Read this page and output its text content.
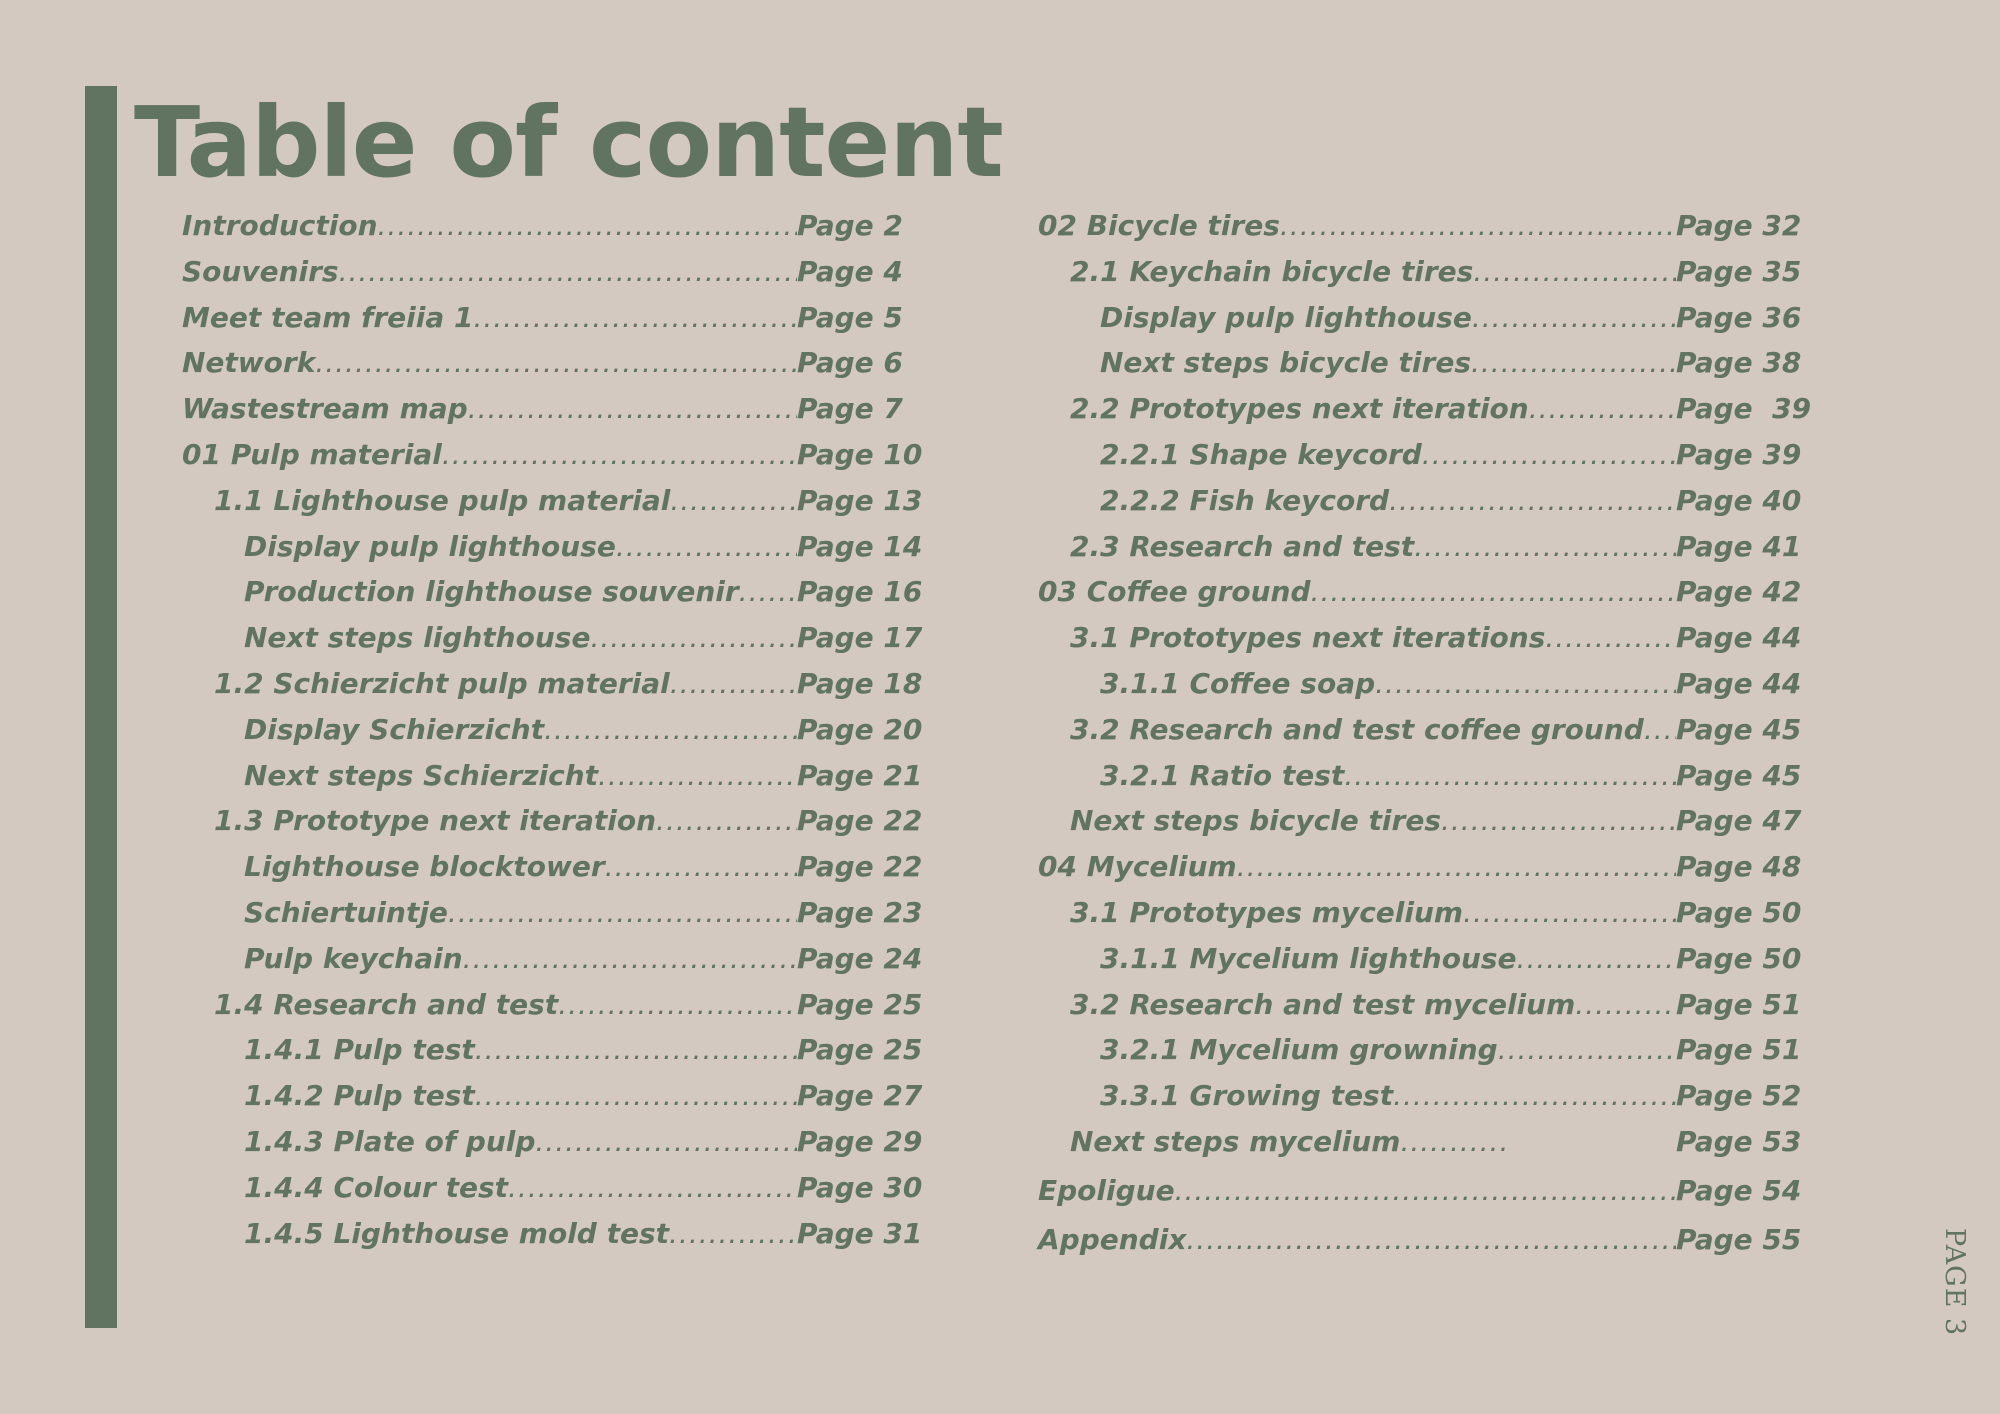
Table of content
Introduction .....	Page 2
Souvenirs .....	Page 4
Meet team freiia 1 .....	Page 5
Network .....	Page 6
Wastestream map .....	Page 7
01 Pulp material .....	Page 10
1.1 Lighthouse pulp material .....	Page 13
Display pulp lighthouse .....	Page 14
Production lighthouse souvenir ..... Page 16
Next steps lighthouse .....	Page 17
1.2 Schierzicht pulp material .....	Page 18
Display Schierzicht .....	Page 20
Next steps Schierzicht .....	Page 21
1.3 Prototype next iteration .....	Page 22
Lighthouse blocktower .....	Page 22
Schiertuintje .....	Page 23
Pulp keychain .....	Page 24
1.4 Research and test .....	Page 25
1.4.1 Pulp test .....	Page 25
1.4.2 Pulp test .....	Page 27
1.4.3 Plate of pulp .....	Page 29
1.4.4 Colour test .....	Page 30
1.4.5 Lighthouse mold test .....	Page 31
02 Bicycle tires .....	Page 32
2.1 Keychain bicycle tires .....	Page 35
Display pulp lighthouse .....	Page 36
Next steps bicycle tires .....	Page 38
2.2 Prototypes next iteration .....	Page  39
2.2.1 Shape keycord .....	Page 39
2.2.2 Fish keycord .....	Page 40
2.3 Research and test .....	Page 41
03 Coffee ground .....	Page 42
3.1 Prototypes next iterations .....	Page 44
3.1.1 Coffee soap .....	Page 44
3.2 Research and test coffee ground ..... Page 45
3.2.1 Ratio test .....	Page 45
Next steps bicycle tires .....	Page 47
04 Mycelium .....	Page 48
3.1 Prototypes mycelium .....	Page 50
3.1.1 Mycelium lighthouse .....	Page 50
3.2 Research and test mycelium .....	Page 51
3.2.1 Mycelium growning .....	Page 51
3.3.1 Growing test .....	Page 52
Next steps mycelium .....	Page 53
Epoligue .....	Page 54
Appendix .....	Page 55	PAGE 3
